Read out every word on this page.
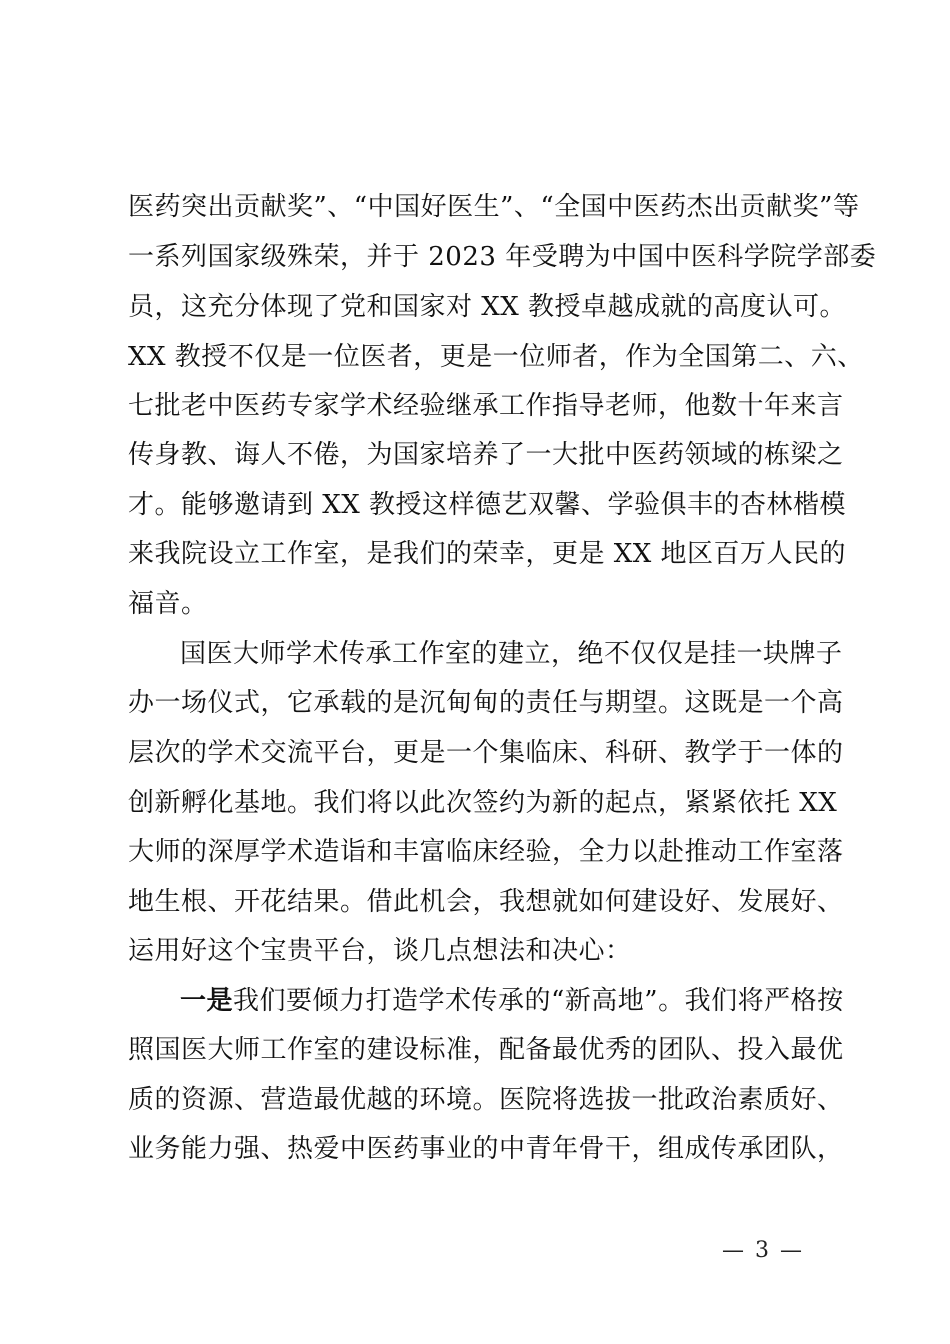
医药突出贡献奖”、“中国好医生”、“全国中医药杰出贡献奖”等
一系列国家级殊荣，并于 2023 年受聘为中国中医科学院学部委
员，这充分体现了党和国家对 XX 教授卓越成就的高度认可。
XX 教授不仅是一位医者，更是一位师者，作为全国第二、六、
七批老中医药专家学术经验继承工作指导老师，他数十年来言
传身教、诲人不倦，为国家培养了一大批中医药领域的栋梁之
才。能够邀请到 XX 教授这样德艺双馨、学验俱丰的杏林楷模
来我院设立工作室，是我们的荣幸，更是 XX 地区百万人民的
福音。
国医大师学术传承工作室的建立，绝不仅仅是挂一块牌子
办一场仪式，它承载的是沉甸甸的责任与期望。这既是一个高
层次的学术交流平台，更是一个集临床、科研、教学于一体的
创新孵化基地。我们将以此次签约为新的起点，紧紧依托 XX
大师的深厚学术造诣和丰富临床经验，全力以赴推动工作室落
地生根、开花结果。借此机会，我想就如何建设好、发展好、
运用好这个宝贵平台，谈几点想法和决心：
一是我们要倾力打造学术传承的“新高地”。我们将严格按
照国医大师工作室的建设标准，配备最优秀的团队、投入最优
质的资源、营造最优越的环境。医院将选拔一批政治素质好、
业务能力强、热爱中医药事业的中青年骨干，组成传承团队，
— 3 —
